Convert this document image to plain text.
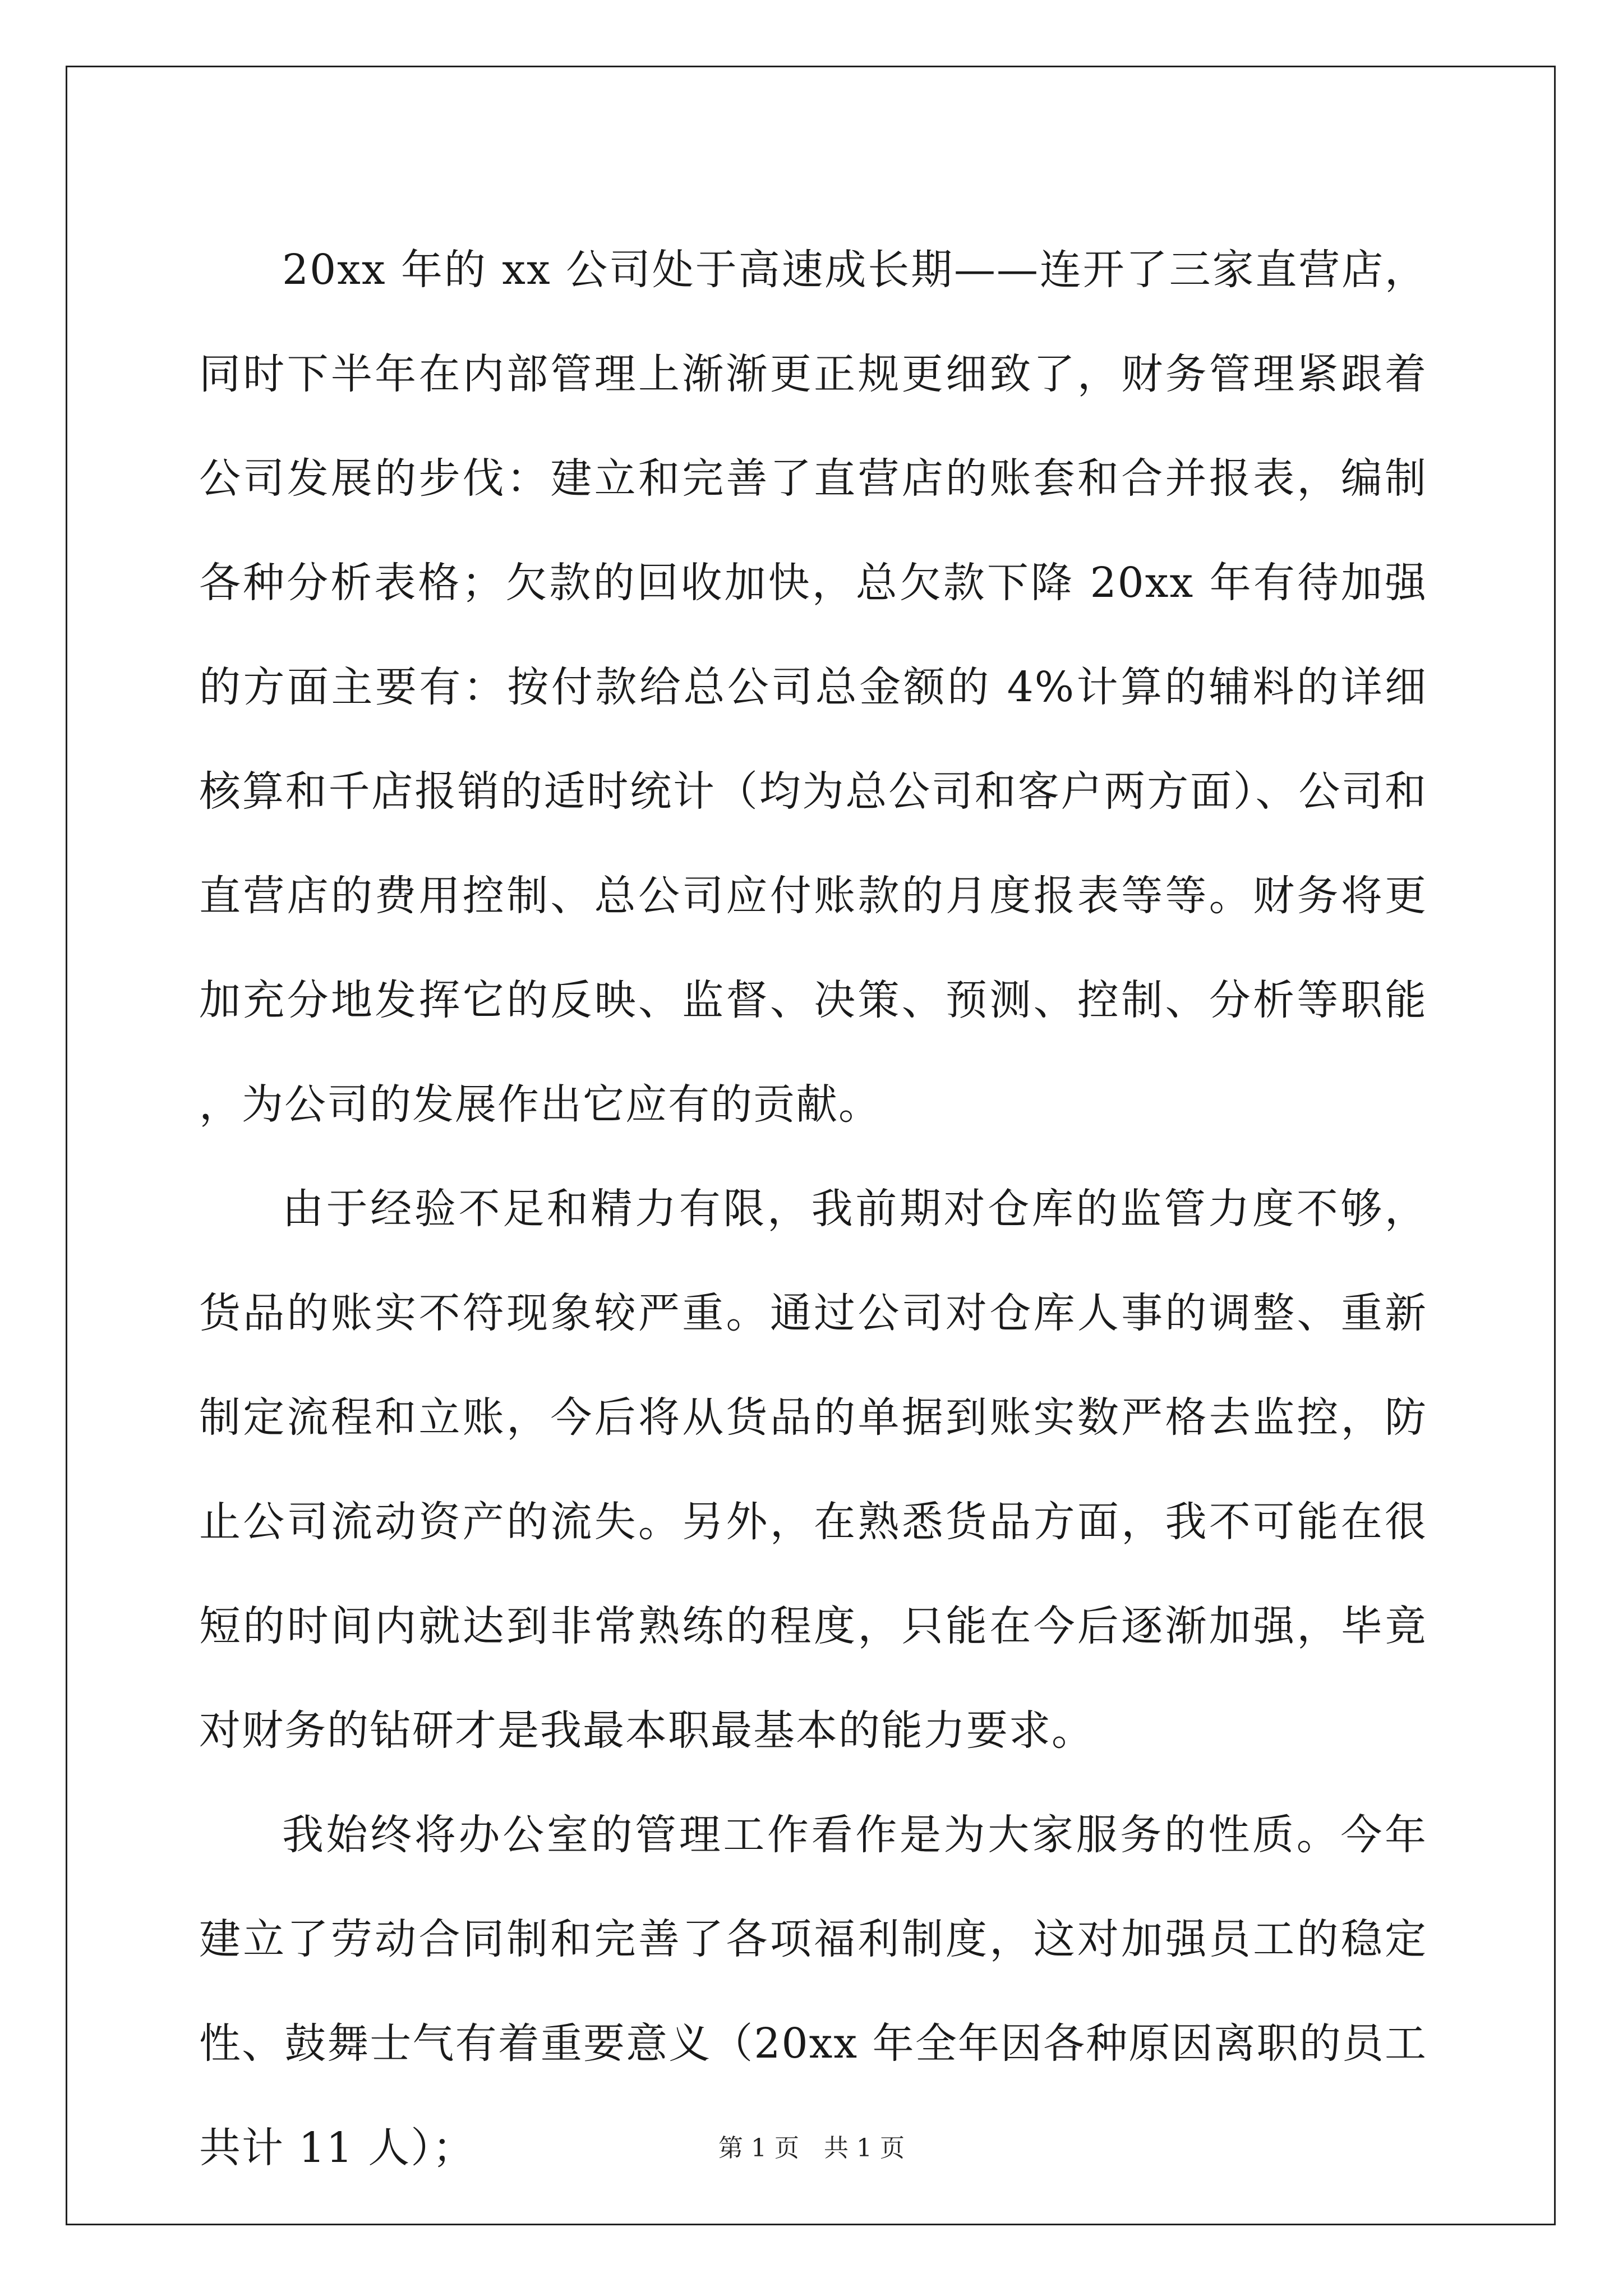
20xx 年的 xx 公司处于高速成长期——连开了三家直营店，同时下半年在内部管理上渐渐更正规更细致了，财务管理紧跟着公司发展的步伐：建立和完善了直营店的账套和合并报表，编制各种分析表格；欠款的回收加快，总欠款下降 20xx 年有待加强的方面主要有：按付款给总公司总金额的 4%计算的辅料的详细核算和千店报销的适时统计（均为总公司和客户两方面）、公司和直营店的费用控制、总公司应付账款的月度报表等等。财务将更加充分地发挥它的反映、监督、决策、预测、控制、分析等职能，为公司的发展作出它应有的贡献。

由于经验不足和精力有限，我前期对仓库的监管力度不够，货品的账实不符现象较严重。通过公司对仓库人事的调整、重新制定流程和立账，今后将从货品的单据到账实数严格去监控，防止公司流动资产的流失。另外，在熟悉货品方面，我不可能在很短的时间内就达到非常熟练的程度，只能在今后逐渐加强，毕竟对财务的钻研才是我最本职最基本的能力要求。

我始终将办公室的管理工作看作是为大家服务的性质。今年建立了劳动合同制和完善了各项福利制度，这对加强员工的稳定性、鼓舞士气有着重要意义（20xx 年全年因各种原因离职的员工共计 11 人）；	第 1 页 共 1 页
